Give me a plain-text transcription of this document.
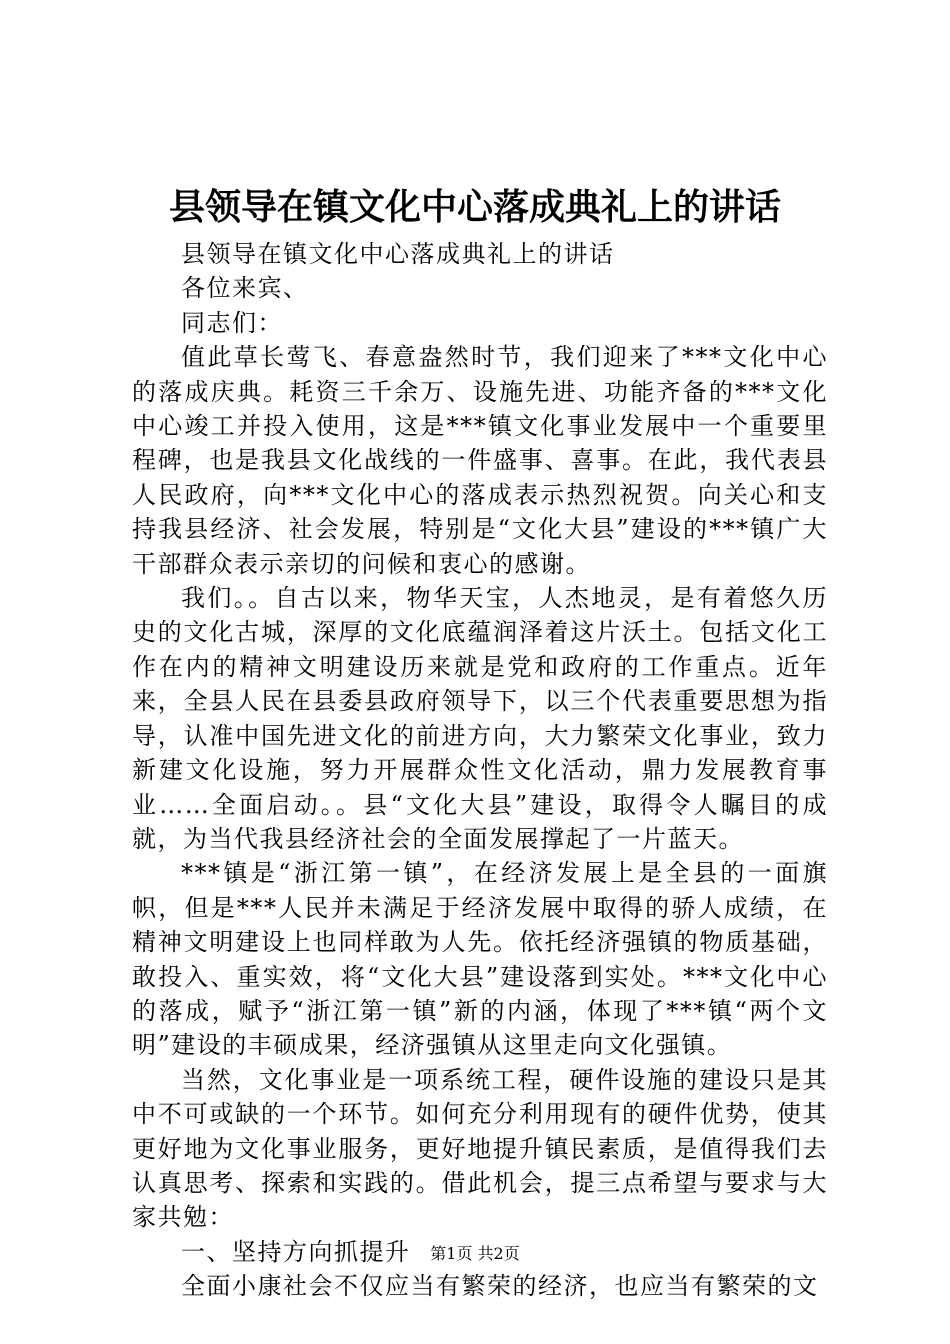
县领导在镇文化中心落成典礼上的讲话

县领导在镇文化中心落成典礼上的讲话

各位来宾、

同志们：

值此草长莺飞、春意盎然时节，我们迎来了***文化中心的落成庆典。耗资三千余万、设施先进、功能齐备的***文化中心竣工并投入使用，这是***镇文化事业发展中一个重要里程碑，也是我县文化战线的一件盛事、喜事。在此，我代表县人民政府，向***文化中心的落成表示热烈祝贺。向关心和支持我县经济、社会发展，特别是“文化大县”建设的***镇广大干部群众表示亲切的问候和衷心的感谢。

我们。。自古以来，物华天宝，人杰地灵，是有着悠久历史的文化古城，深厚的文化底蕴润泽着这片沃土。包括文化工作在内的精神文明建设历来就是党和政府的工作重点。近年来，全县人民在县委县政府领导下，以三个代表重要思想为指导，认准中国先进文化的前进方向，大力繁荣文化事业，致力新建文化设施，努力开展群众性文化活动，鼎力发展教育事业……全面启动。。县“文化大县”建设，取得令人瞩目的成就，为当代我县经济社会的全面发展撑起了一片蓝天。

***镇是“浙江第一镇”，在经济发展上是全县的一面旗帜，但是***人民并未满足于经济发展中取得的骄人成绩，在精神文明建设上也同样敢为人先。依托经济强镇的物质基础，敢投入、重实效，将“文化大县”建设落到实处。***文化中心的落成，赋予“浙江第一镇”新的内涵，体现了***镇“两个文明”建设的丰硕成果，经济强镇从这里走向文化强镇。

当然，文化事业是一项系统工程，硬件设施的建设只是其中不可或缺的一个环节。如何充分利用现有的硬件优势，使其更好地为文化事业服务，更好地提升镇民素质，是值得我们去认真思考、探索和实践的。借此机会，提三点希望与要求与大家共勉：

一、坚持方向抓提升

全面小康社会不仅应当有繁荣的经济，也应当有繁荣的文

第1页 共2页
